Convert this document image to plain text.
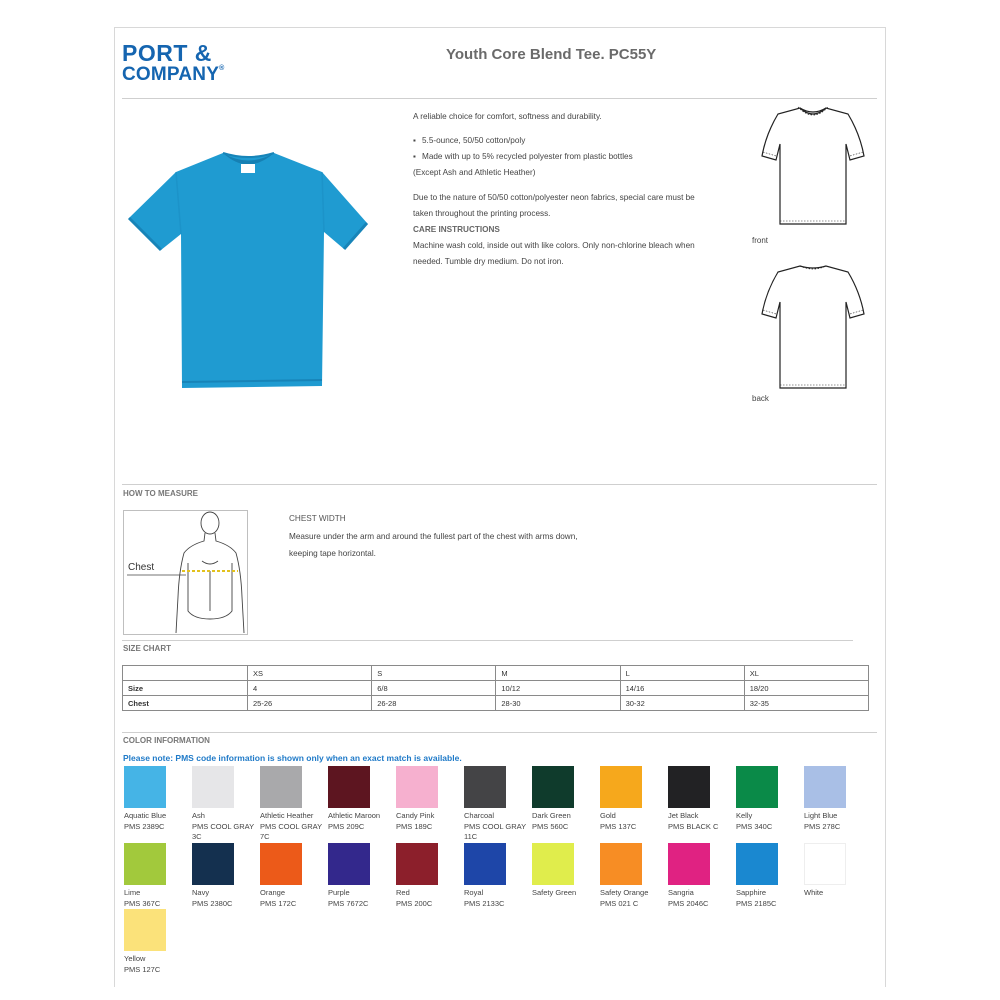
PORT &
COMPANY®
Youth Core Blend Tee. PC55Y

A reliable choice for comfort, softness and durability.

▪ 5.5-ounce, 50/50 cotton/poly
▪ Made with up to 5% recycled polyester from plastic bottles

(Except Ash and Athletic Heather)

Due to the nature of 50/50 cotton/polyester neon fabrics, special care must be taken throughout the printing process.

CARE INSTRUCTIONS

Machine wash cold, inside out with like colors. Only non-chlorine bleach when needed. Tumble dry medium. Do not iron.

front
back
HOW TO MEASURE
Chest
CHEST WIDTH
Measure under the arm and around the fullest part of the chest with arms down, keeping tape horizontal.
SIZE CHART
	XS	S	M	L	XL
Size	4	6/8	10/12	14/16	18/20
Chest	25-26	26-28	28-30	30-32	32-35
COLOR INFORMATION
Please note: PMS code information is shown only when an exact match is available.
Aquatic Blue
PMS 2389C
Ash
PMS COOL GRAY 3C
Athletic Heather
PMS COOL GRAY 7C
Athletic Maroon
PMS 209C
Candy Pink
PMS 189C
Charcoal
PMS COOL GRAY 11C
Dark Green
PMS 560C
Gold
PMS 137C
Jet Black
PMS BLACK C
Kelly
PMS 340C
Light Blue
PMS 278C
Lime
PMS 367C
Navy
PMS 2380C
Orange
PMS 172C
Purple
PMS 7672C
Red
PMS 200C
Royal
PMS 2133C
Safety Green	Safety Orange
PMS 021 C
Sangria
PMS 2046C
Sapphire
PMS 2185C
White
Yellow
PMS 127C
